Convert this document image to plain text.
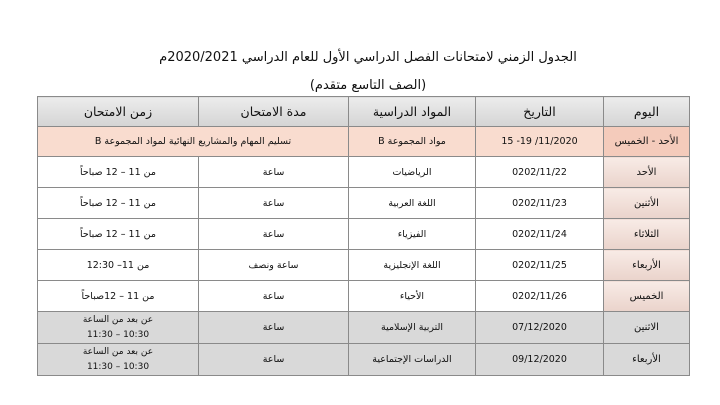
الجدول الزمني لامتحانات الفصل الدراسي الأول للعام الدراسي 2020/2021م
(الصف التاسع متقدم)
اليوم	التاريخ	المواد الدراسية	مدة الامتحان	زمن الامتحان
الأحد - الخميس	15 -19 /11/2020	مواد المجموعة B	تسليم المهام والمشاريع النهائية لمواد المجموعة B	
الأحد	0202/11/22	الرياضيات	ساعة	من 11 – 12 صباحاً
الأثنين	0202/11/23	اللغة العربية	ساعة	من 11 – 12 صباحاً
الثلاثاء	0202/11/24	الفيزياء	ساعة	من 11 – 12 صباحاً
الأربعاء	0202/11/25	اللغة الإنجليزية	ساعة ونصف	من 11– 12:30
الخميس	0202/11/26	الأحياء	ساعة	من 11 – 12صباحاً
الاثنين	07/12/2020	التربية الإسلامية	ساعة	عن بعد من الساعة
10:30 – 11:30

الأربعاء	09/12/2020	الدراسات الإجتماعية	ساعة	عن بعد من الساعة
10:30 – 11:30
